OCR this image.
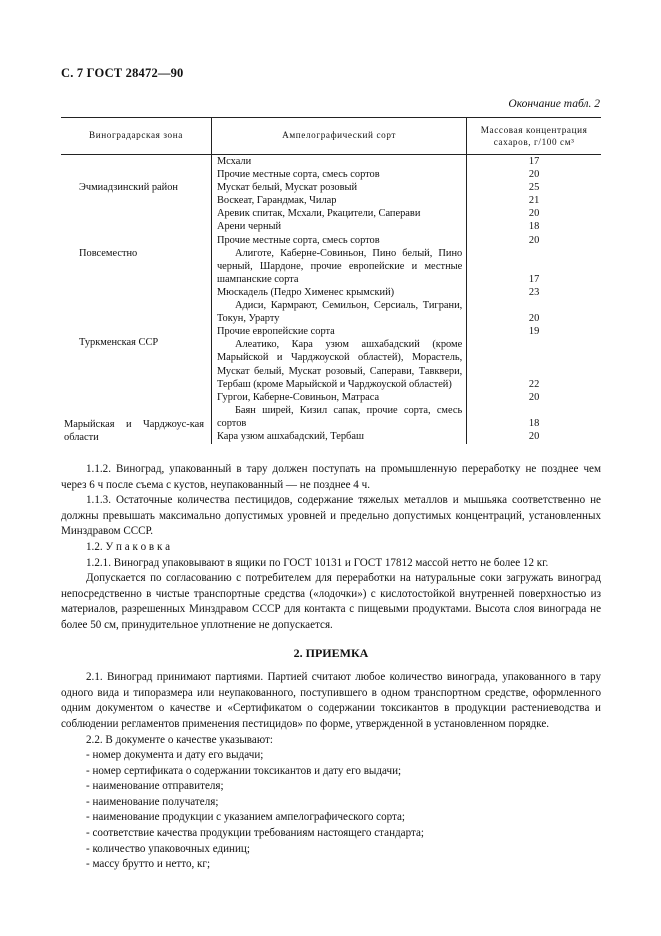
С. 7 ГОСТ 28472—90
Окончание табл. 2
Виноградарская зона	Ампелографический сорт	Массовая концентрация сахаров, г/100 см³

Эчмиадзинский район	Мсхали	17
	Прочие местные сорта, смесь сортов	20
	Мускат белый, Мускат розовый	25
	Воскеат, Гарандмак, Чилар	21
	Аревик спитак, Мсхали, Ркацители, Саперави	20
	Арени черный	18

Повсеместно	Прочие местные сорта, смесь сортов	20
	Алиготе, Каберне-Совиньон, Пино белый, Пино черный, Шардоне, прочие европейские и местные шампанские сорта	17
	Мюскадель (Педро Хименес крымский)	23
	Адиси, Кармрают, Семильон, Серсиаль, Тиграни, Токун, Урарту	20
	Прочие европейские сорта	19

Туркменская ССР	Алеатико, Кара узюм ашхабадский (кроме Марыйской и Чарджоуской областей), Мораcтель, Мускат белый, Мускат розовый, Саперави, Тавквери, Тербаш (кроме Марыйской и Чарджоуской областей)	22
	Гургои, Каберне-Совиньон, Матраса	20
	Баян ширей, Кизил сапак, прочие сорта, смесь сортов	18

Марыйская и Чарджоус-кая области	Кара узюм ашхабадский, Тербаш	20

1.1.2. Виноград, упакованный в тару должен поступать на промышленную переработку не позднее чем через 6 ч после съема с кустов, неупакованный — не позднее 4 ч.

1.1.3. Остаточные количества пестицидов, содержание тяжелых металлов и мышьяка соответственно не должны превышать максимально допустимых уровней и предельно допустимых концентраций, установленных Минздравом СССР.

1.2. У п а к о в к а

1.2.1. Виноград упаковывают в ящики по ГОСТ 10131 и ГОСТ 17812 массой нетто не более 12 кг.

Допускается по согласованию с потребителем для переработки на натуральные соки загружать виноград непосредственно в чистые транспортные средства («лодочки») с кислотостойкой внутренней поверхностью из материалов, разрешенных Минздравом СССР для контакта с пищевыми продуктами. Высота слоя винограда не более 50 см, принудительное уплотнение не допускается.

2. ПРИЕМКА

2.1. Виноград принимают партиями. Партией считают любое количество винограда, упакованного в тару одного вида и типоразмера или неупакованного, поступившего в одном транспортном средстве, оформленного одним документом о качестве и «Сертификатом о содержании токсикантов в продукции растениеводства и соблюдении регламентов применения пестицидов» по форме, утвержденной в установленном порядке.

2.2. В документе о качестве указывают:

- номер документа и дату его выдачи;

- номер сертификата о содержании токсикантов и дату его выдачи;

- наименование отправителя;

- наименование получателя;

- наименование продукции с указанием ампелографического сорта;

- соответствие качества продукции требованиям настоящего стандарта;

- количество упаковочных единиц;

- массу брутто и нетто, кг;
